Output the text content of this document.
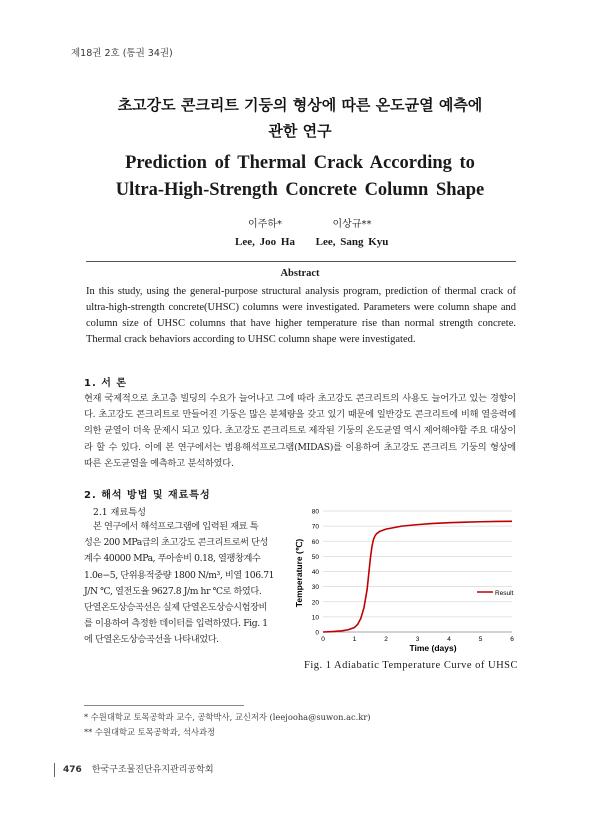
제18권 2호 (통권 34권)
초고강도 콘크리트 기둥의 형상에 따른 온도균열 예측에
관한 연구
Prediction of Thermal Crack According to
Ultra-High-Strength Concrete Column Shape
이주하*
Lee, Joo Ha
이상규**
Lee, Sang Kyu
Abstract
In this study, using the general-purpose structural analysis program, prediction of thermal crack of ultra-high-strength concrete(UHSC) columns were investigated. Parameters were column shape and column size of UHSC columns that have higher temperature rise than normal strength concrete. Thermal crack behaviors according to UHSC column shape were investigated.
1. 서 론
현재 국제적으로 초고층 빌딩의 수요가 늘어나고 그에 따라 초고강도 콘크리트의 사용도 늘어가고 있는 경향이다. 초고강도 콘크리트로 만들어진 기둥은 많은 분체량을 갖고 있기 때문에 일반강도 콘크리트에 비해 열응력에 의한 균열이 더욱 문제시 되고 있다. 초고강도 콘크리트로 제작된 기둥의 온도균열 역시 제어해야할 주요 대상이라 할 수 있다. 이에 본 연구에서는 범용해석프로그램(MIDAS)를 이용하여 초고강도 콘크리트 기둥의 형상에 따른 온도균열을 예측하고 분석하였다.
2. 해석 방법 및 재료특성
2.1 재료특성
본 연구에서 해석프로그램에 입력된 재료 특
성은 200 MPa급의 초고강도 콘크리트로써 단성
계수 40000 MPa, 푸아송비 0.18, 열팽창계수
1.0e−5, 단위용적중량 1800 N/m³, 비열 106.71
J/N ℃, 열전도율 9627.8 J/m hr ℃로 하였다.
단열온도상승곡선은 실제 단열온도상승시험장비
를 이용하여 측정한 데이터를 입력하였다. Fig. 1
에 단열온도상승곡선을 나타내었다.
0
10
20
30
40
50
60
70
80
0	1	2	3	4	5	6
Temperature (℃)
Time (days)
Result
Fig. 1 Adiabatic Temperature Curve of UHSC
* 수원대학교 토목공학과 교수, 공학박사, 교신저자 (leejooha@suwon.ac.kr)
** 수원대학교 토목공학과, 석사과정
476 한국구조물진단유지관리공학회
